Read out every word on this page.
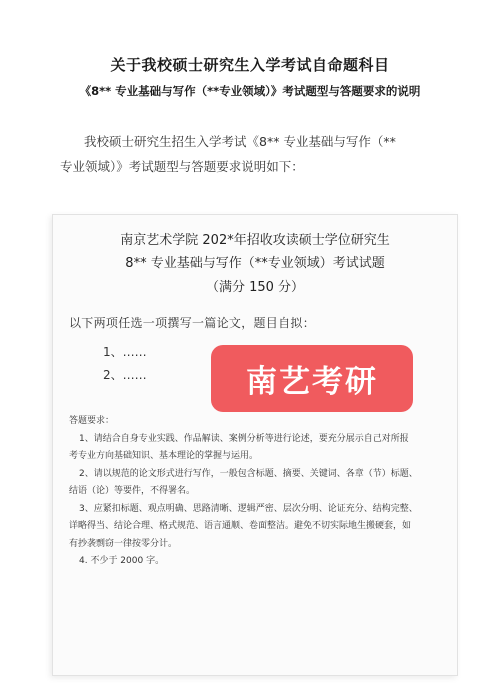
关于我校硕士研究生入学考试自命题科目
《8** 专业基础与写作（**专业领域）》考试题型与答题要求的说明
我校硕士研究生招生入学考试《8** 专业基础与写作（**
专业领域）》考试题型与答题要求说明如下：
南京艺术学院 202*年招收攻读硕士学位研究生
8** 专业基础与写作（**专业领域）考试试题
（满分 150 分）
以下两项任选一项撰写一篇论文，题目自拟：
1、……
2、……	南艺考研
答题要求：
1、请结合自身专业实践、作品解读、案例分析等进行论述，要充分展示自己对所报
考专业方向基础知识、基本理论的掌握与运用。
2、请以规范的论文形式进行写作，一般包含标题、摘要、关键词、各章（节）标题、
结语（论）等要件，不得署名。
3、应紧扣标题、观点明确、思路清晰、逻辑严密、层次分明、论证充分、结构完整、
详略得当、结论合理、格式规范、语言通顺、卷面整洁。避免不切实际地生搬硬套，如
有抄袭剽窃一律按零分计。
4. 不少于 2000 字。
